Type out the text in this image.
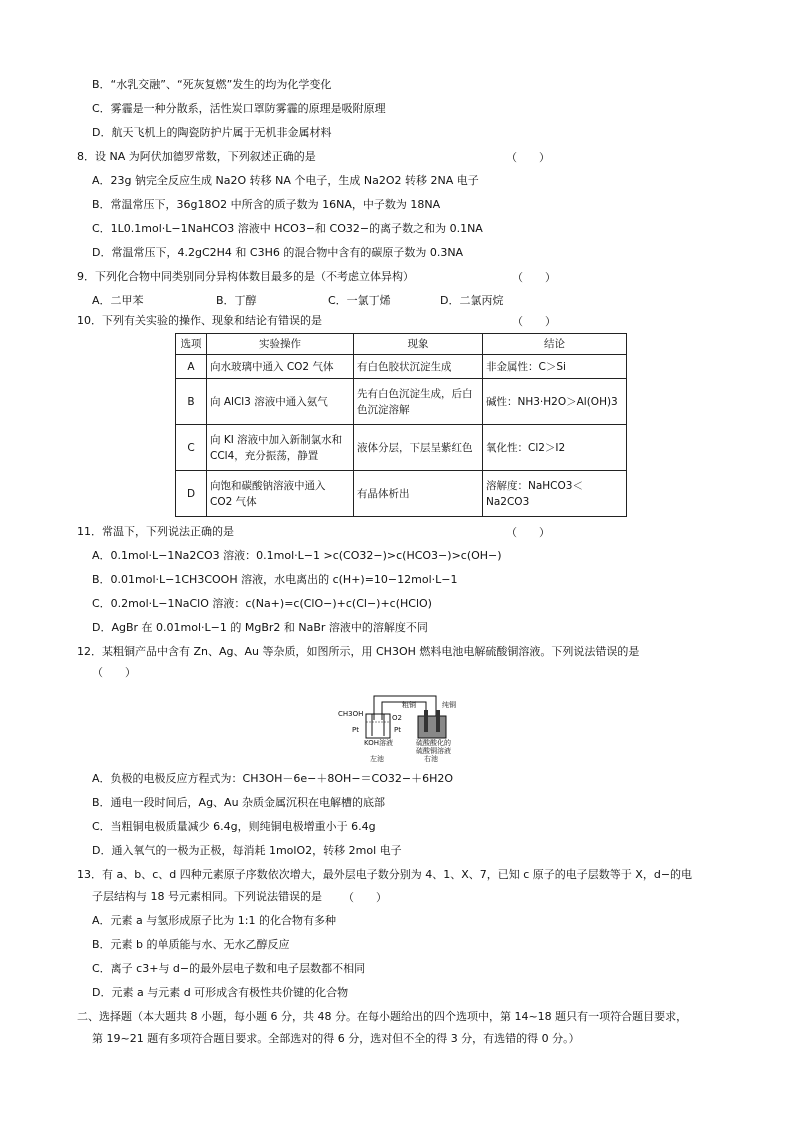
B．“水乳交融”、“死灰复燃”发生的均为化学变化
C．雾霾是一种分散系，活性炭口罩防雾霾的原理是吸附原理
D．航天飞机上的陶瓷防护片属于无机非金属材料
8．设 NA 为阿伏加德罗常数，下列叙述正确的是	（　　）
A．23g 钠完全反应生成 Na2O 转移 NA 个电子，生成 Na2O2 转移 2NA 电子
B．常温常压下，36g18O2 中所含的质子数为 16NA，中子数为 18NA
C．1L0.1mol·L−1NaHCO3 溶液中 HCO3−和 CO32−的离子数之和为 0.1NA
D．常温常压下，4.2gC2H4 和 C3H6 的混合物中含有的碳原子数为 0.3NA
9．下列化合物中同类别同分异构体数目最多的是（不考虑立体异构）	（　　）
A．二甲苯	B．丁醇	C．一氯丁烯	D．二氯丙烷
10．下列有关实验的操作、现象和结论有错误的是	（　　）
选项	实验操作	现象	结论
A	向水玻璃中通入 CO2 气体	有白色胶状沉淀生成	非金属性：C＞Si
B	向 AlCl3 溶液中通入氨气	先有白色沉淀生成，后白色沉淀溶解	碱性：NH3·H2O＞Al(OH)3
C	向 KI 溶液中加入新制氯水和 CCl4，充分振荡，静置	液体分层，下层呈紫红色	氧化性：Cl2＞I2
D	向饱和碳酸钠溶液中通入 CO2 气体	有晶体析出	溶解度：NaHCO3＜Na2CO3
11．常温下，下列说法正确的是	（　　）
A．0.1mol·L−1Na2CO3 溶液：0.1mol·L−1 >c(CO32−)>c(HCO3−)>c(OH−)
B．0.01mol·L−1CH3COOH 溶液，水电离出的 c(H+)=10−12mol·L−1
C．0.2mol·L−1NaClO 溶液：c(Na+)=c(ClO−)+c(Cl−)+c(HClO)
D．AgBr 在 0.01mol·L−1 的 MgBr2 和 NaBr 溶液中的溶解度不同
12．某粗铜产品中含有 Zn、Ag、Au 等杂质，如图所示，用 CH3OH 燃料电池电解硫酸铜溶液。下列说法错误的是
（　　）
CH3OH	O2
粗铜	纯铜
Pt	Pt
KOH溶液	硫酸酸化的
硫酸铜溶液
左池	右池
A．负极的电极反应方程式为：CH3OH－6e−＋8OH−＝CO32−＋6H2O
B．通电一段时间后，Ag、Au 杂质金属沉积在电解槽的底部
C．当粗铜电极质量减少 6.4g，则纯铜电极增重小于 6.4g
D．通入氧气的一极为正极，每消耗 1molO2，转移 2mol 电子
13．有 a、b、c、d 四种元素原子序数依次增大，最外层电子数分别为 4、1、X、7，已知 c 原子的电子层数等于 X，d−的电
子层结构与 18 号元素相同。下列说法错误的是 （　　）
A．元素 a 与氢形成原子比为 1:1 的化合物有多种
B．元素 b 的单质能与水、无水乙醇反应
C．离子 c3+与 d−的最外层电子数和电子层数都不相同
D．元素 a 与元素 d 可形成含有极性共价键的化合物
二、选择题（本大题共 8 小题，每小题 6 分，共 48 分。在每小题给出的四个选项中，第 14~18 题只有一项符合题目要求，
第 19~21 题有多项符合题目要求。全部选对的得 6 分，选对但不全的得 3 分，有选错的得 0 分。）
